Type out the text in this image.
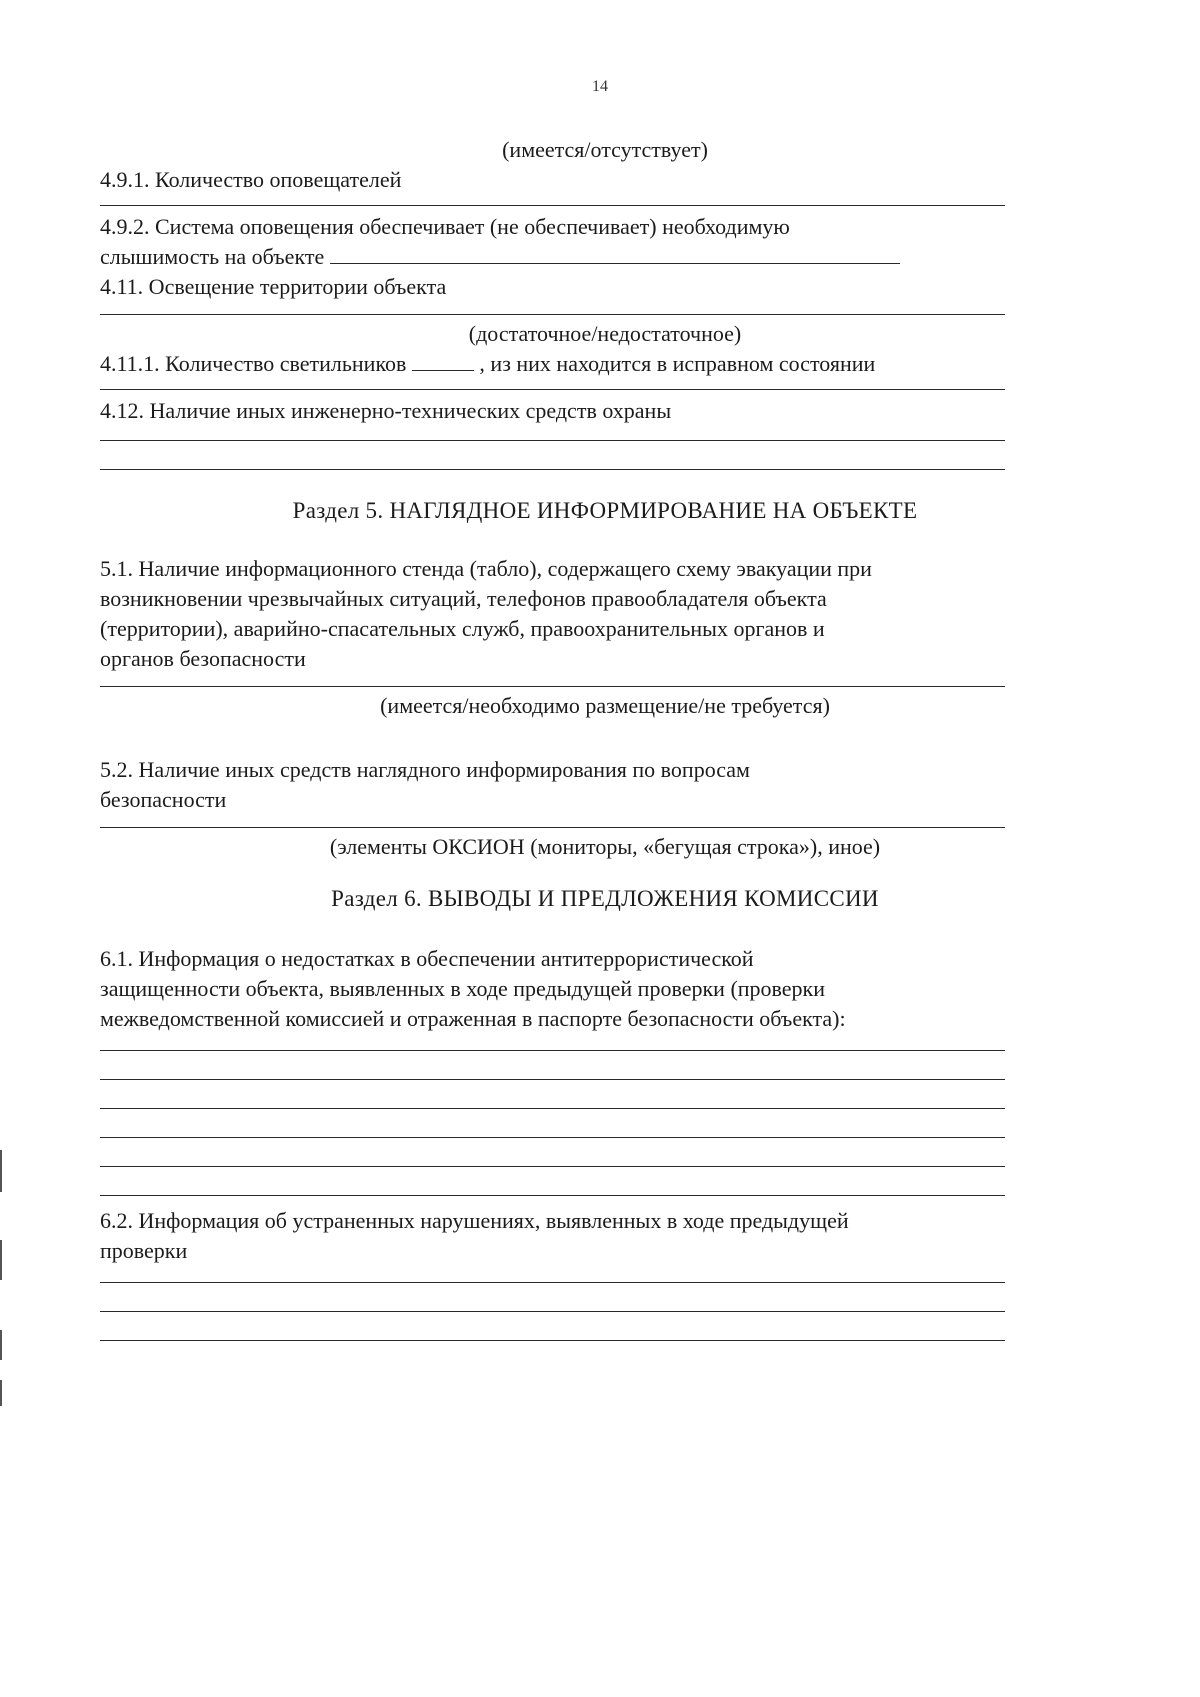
14
(имеется/отсутствует)
4.9.1. Количество оповещателей
4.9.2. Система оповещения обеспечивает (не обеспечивает) необходимую
слышимость на объекте
4.11. Освещение территории объекта
(достаточное/недостаточное)
4.11.1. Количество светильников	, из них находится в исправном состоянии
4.12. Наличие иных инженерно-технических средств охраны
Раздел 5. НАГЛЯДНОЕ ИНФОРМИРОВАНИЕ НА ОБЪЕКТЕ
5.1. Наличие информационного стенда (табло), содержащего схему эвакуации при
возникновении чрезвычайных ситуаций, телефонов правообладателя объекта
(территории), аварийно-спасательных служб, правоохранительных органов и
органов безопасности
(имеется/необходимо размещение/не требуется)
5.2. Наличие иных средств наглядного информирования по вопросам
безопасности
(элементы ОКСИОН (мониторы, «бегущая строка»), иное)
Раздел 6. ВЫВОДЫ И ПРЕДЛОЖЕНИЯ КОМИССИИ
6.1. Информация о недостатках в обеспечении антитеррористической
защищенности объекта, выявленных в ходе предыдущей проверки (проверки
межведомственной комиссией и отраженная в паспорте безопасности объекта):
6.2. Информация об устраненных нарушениях, выявленных в ходе предыдущей
проверки
